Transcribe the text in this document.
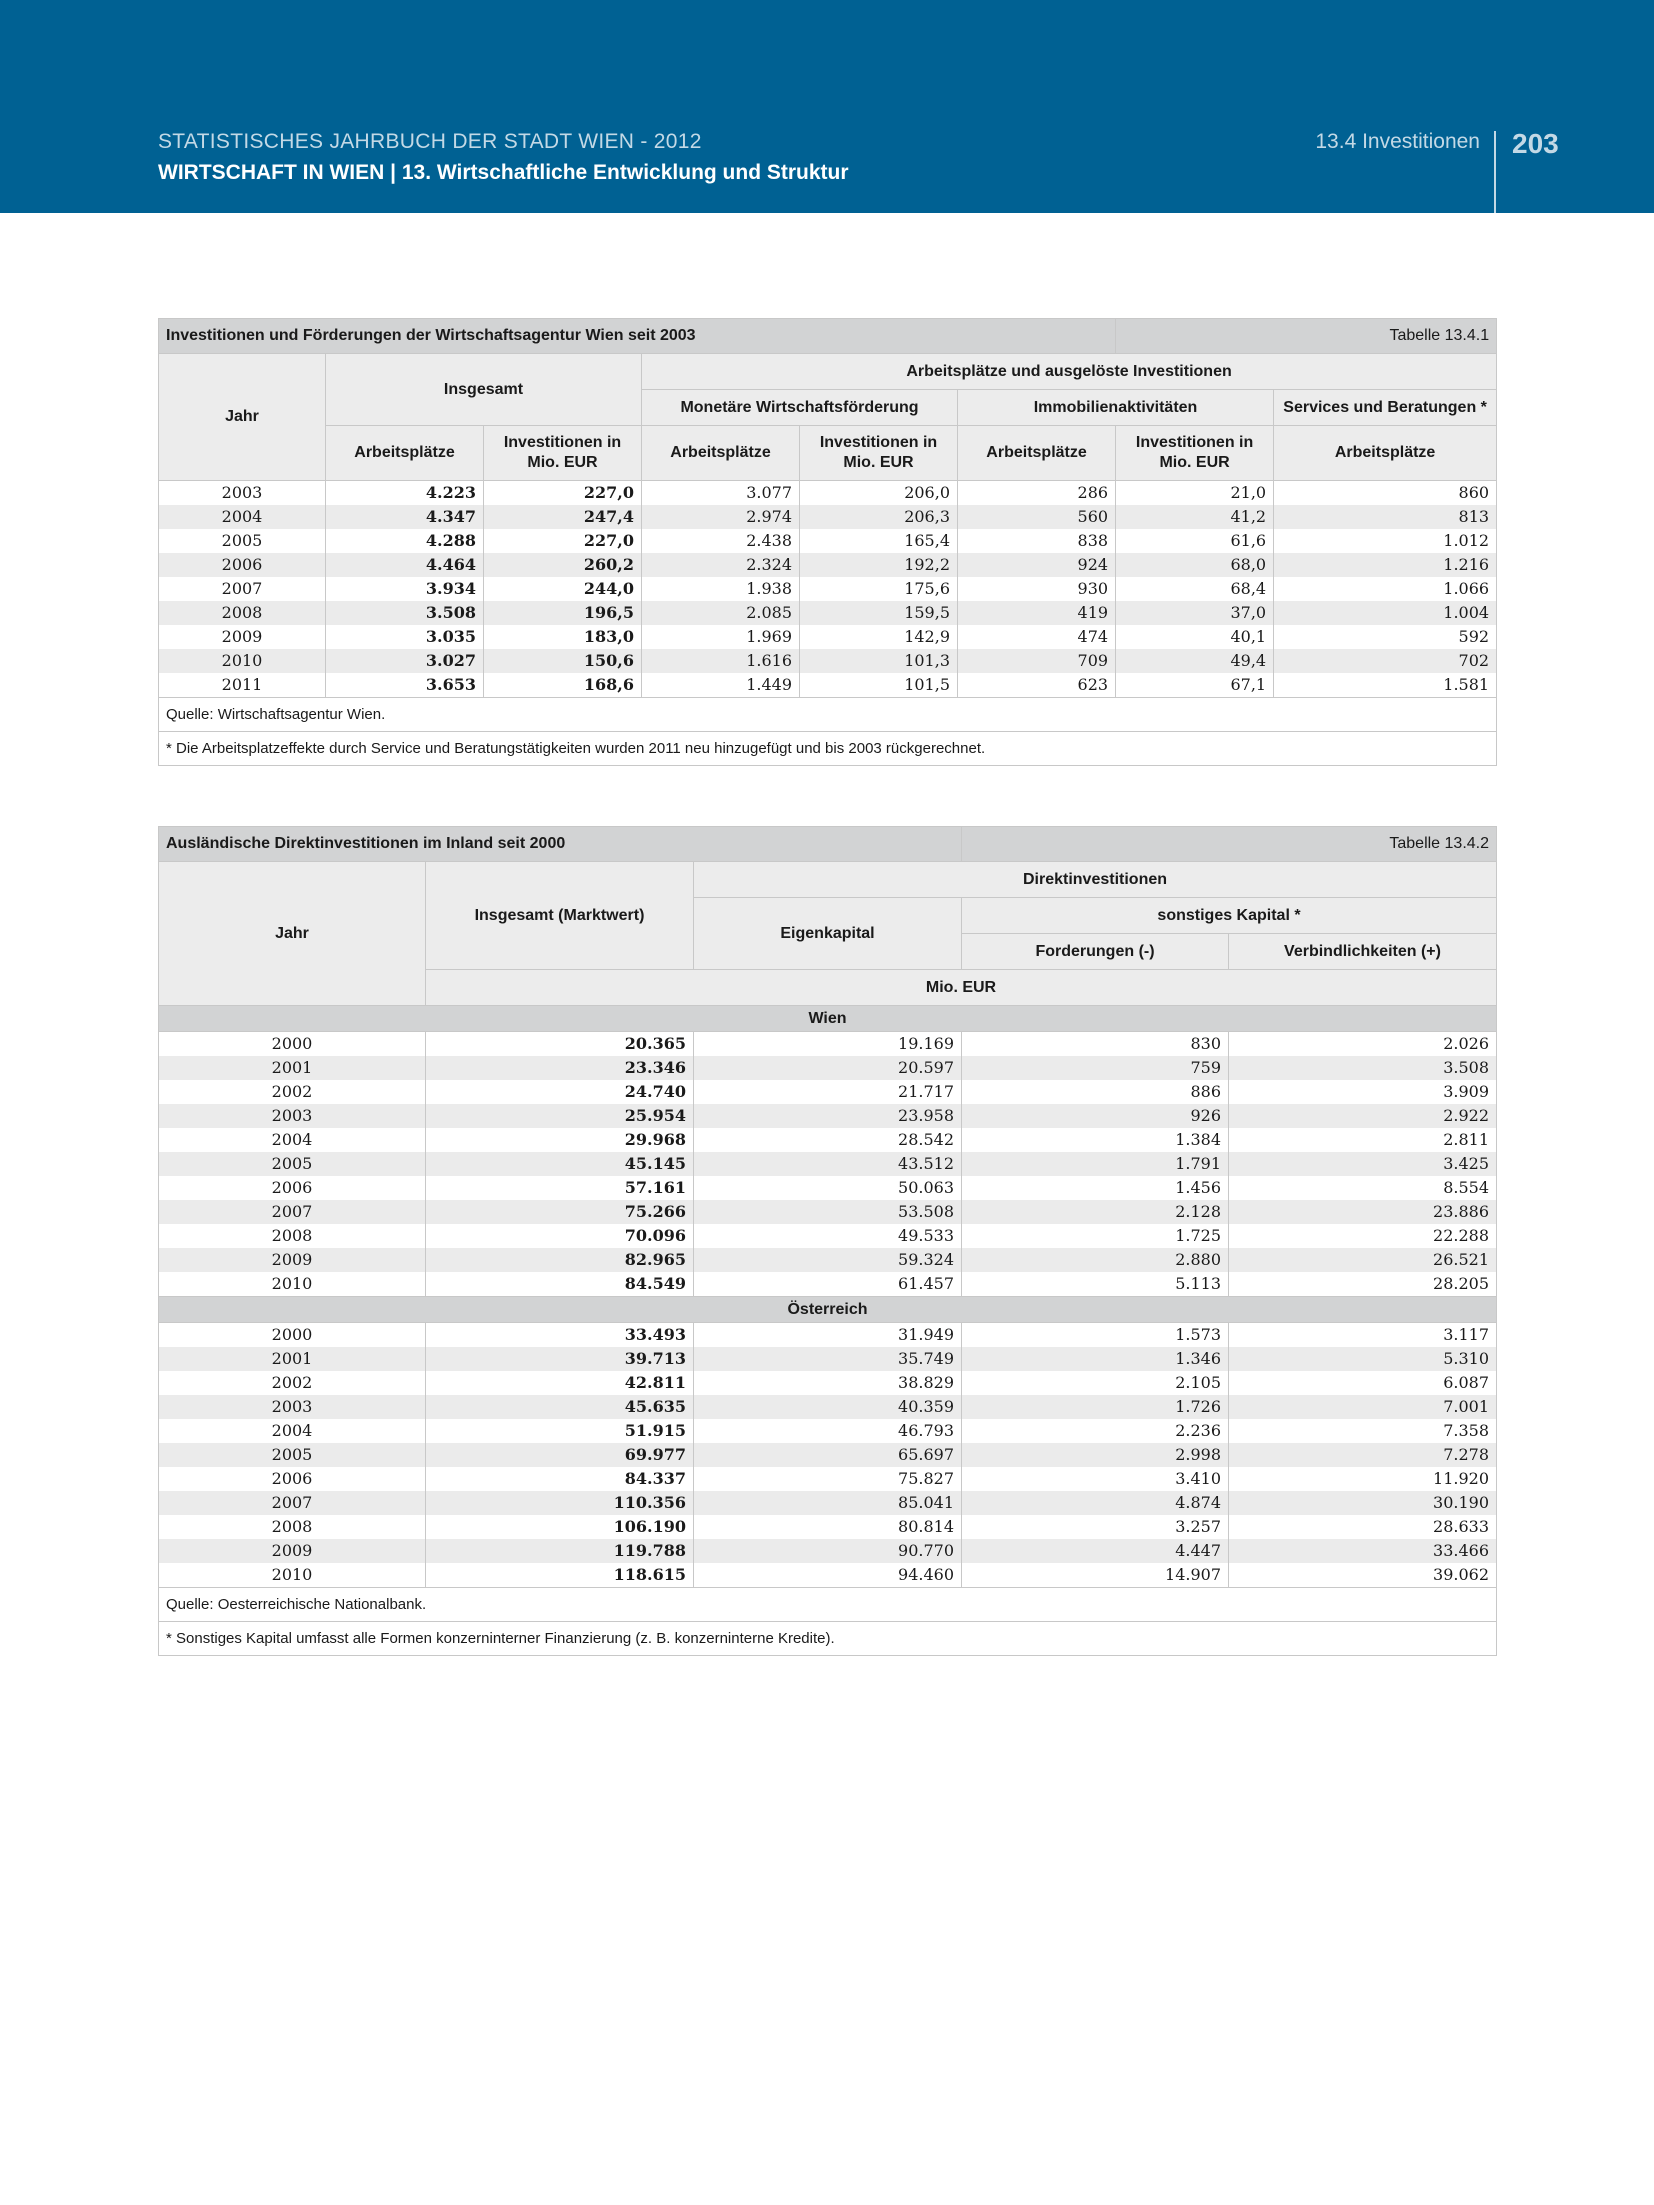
STATISTISCHES JAHRBUCH DER STADT WIEN - 2012
WIRTSCHAFT IN WIEN | 13. Wirtschaftliche Entwicklung und Struktur
13.4 Investitionen 203
Investitionen und Förderungen der Wirtschaftsagentur Wien seit 2003						Tabelle 13.4.1	
Jahr	Insgesamt		Arbeitsplätze und ausgelöste Investitionen				
			Monetäre Wirtschaftsförderung		Immobilienaktivitäten		Services und Beratungen *
	Arbeitsplätze	Investitionen in Mio. EUR	Arbeitsplätze	Investitionen in Mio. EUR	Arbeitsplätze	Investitionen in Mio. EUR	Arbeitsplätze
2003	4.223	227,0	3.077	206,0	286	21,0	860
2004	4.347	247,4	2.974	206,3	560	41,2	813
2005	4.288	227,0	2.438	165,4	838	61,6	1.012
2006	4.464	260,2	2.324	192,2	924	68,0	1.216
2007	3.934	244,0	1.938	175,6	930	68,4	1.066
2008	3.508	196,5	2.085	159,5	419	37,0	1.004
2009	3.035	183,0	1.969	142,9	474	40,1	592
2010	3.027	150,6	1.616	101,3	709	49,4	702
2011	3.653	168,6	1.449	101,5	623	67,1	1.581
Quelle: Wirtschaftsagentur Wien.							
* Die Arbeitsplatzeffekte durch Service und Beratungstätigkeiten wurden 2011 neu hinzugefügt und bis 2003 rückgerechnet.							
Ausländische Direktinvestitionen im Inland seit 2000			Tabelle 13.4.2	
Jahr	Insgesamt (Marktwert)	Direktinvestitionen		
		Eigenkapital	sonstiges Kapital *	
			Forderungen (-)	Verbindlichkeiten (+)
	Mio. EUR			
Wien				
2000	20.365	19.169	830	2.026
2001	23.346	20.597	759	3.508
2002	24.740	21.717	886	3.909
2003	25.954	23.958	926	2.922
2004	29.968	28.542	1.384	2.811
2005	45.145	43.512	1.791	3.425
2006	57.161	50.063	1.456	8.554
2007	75.266	53.508	2.128	23.886
2008	70.096	49.533	1.725	22.288
2009	82.965	59.324	2.880	26.521
2010	84.549	61.457	5.113	28.205
Österreich				
2000	33.493	31.949	1.573	3.117
2001	39.713	35.749	1.346	5.310
2002	42.811	38.829	2.105	6.087
2003	45.635	40.359	1.726	7.001
2004	51.915	46.793	2.236	7.358
2005	69.977	65.697	2.998	7.278
2006	84.337	75.827	3.410	11.920
2007	110.356	85.041	4.874	30.190
2008	106.190	80.814	3.257	28.633
2009	119.788	90.770	4.447	33.466
2010	118.615	94.460	14.907	39.062
Quelle: Oesterreichische Nationalbank.				
* Sonstiges Kapital umfasst alle Formen konzerninterner Finanzierung (z. B. konzerninterne Kredite).				
